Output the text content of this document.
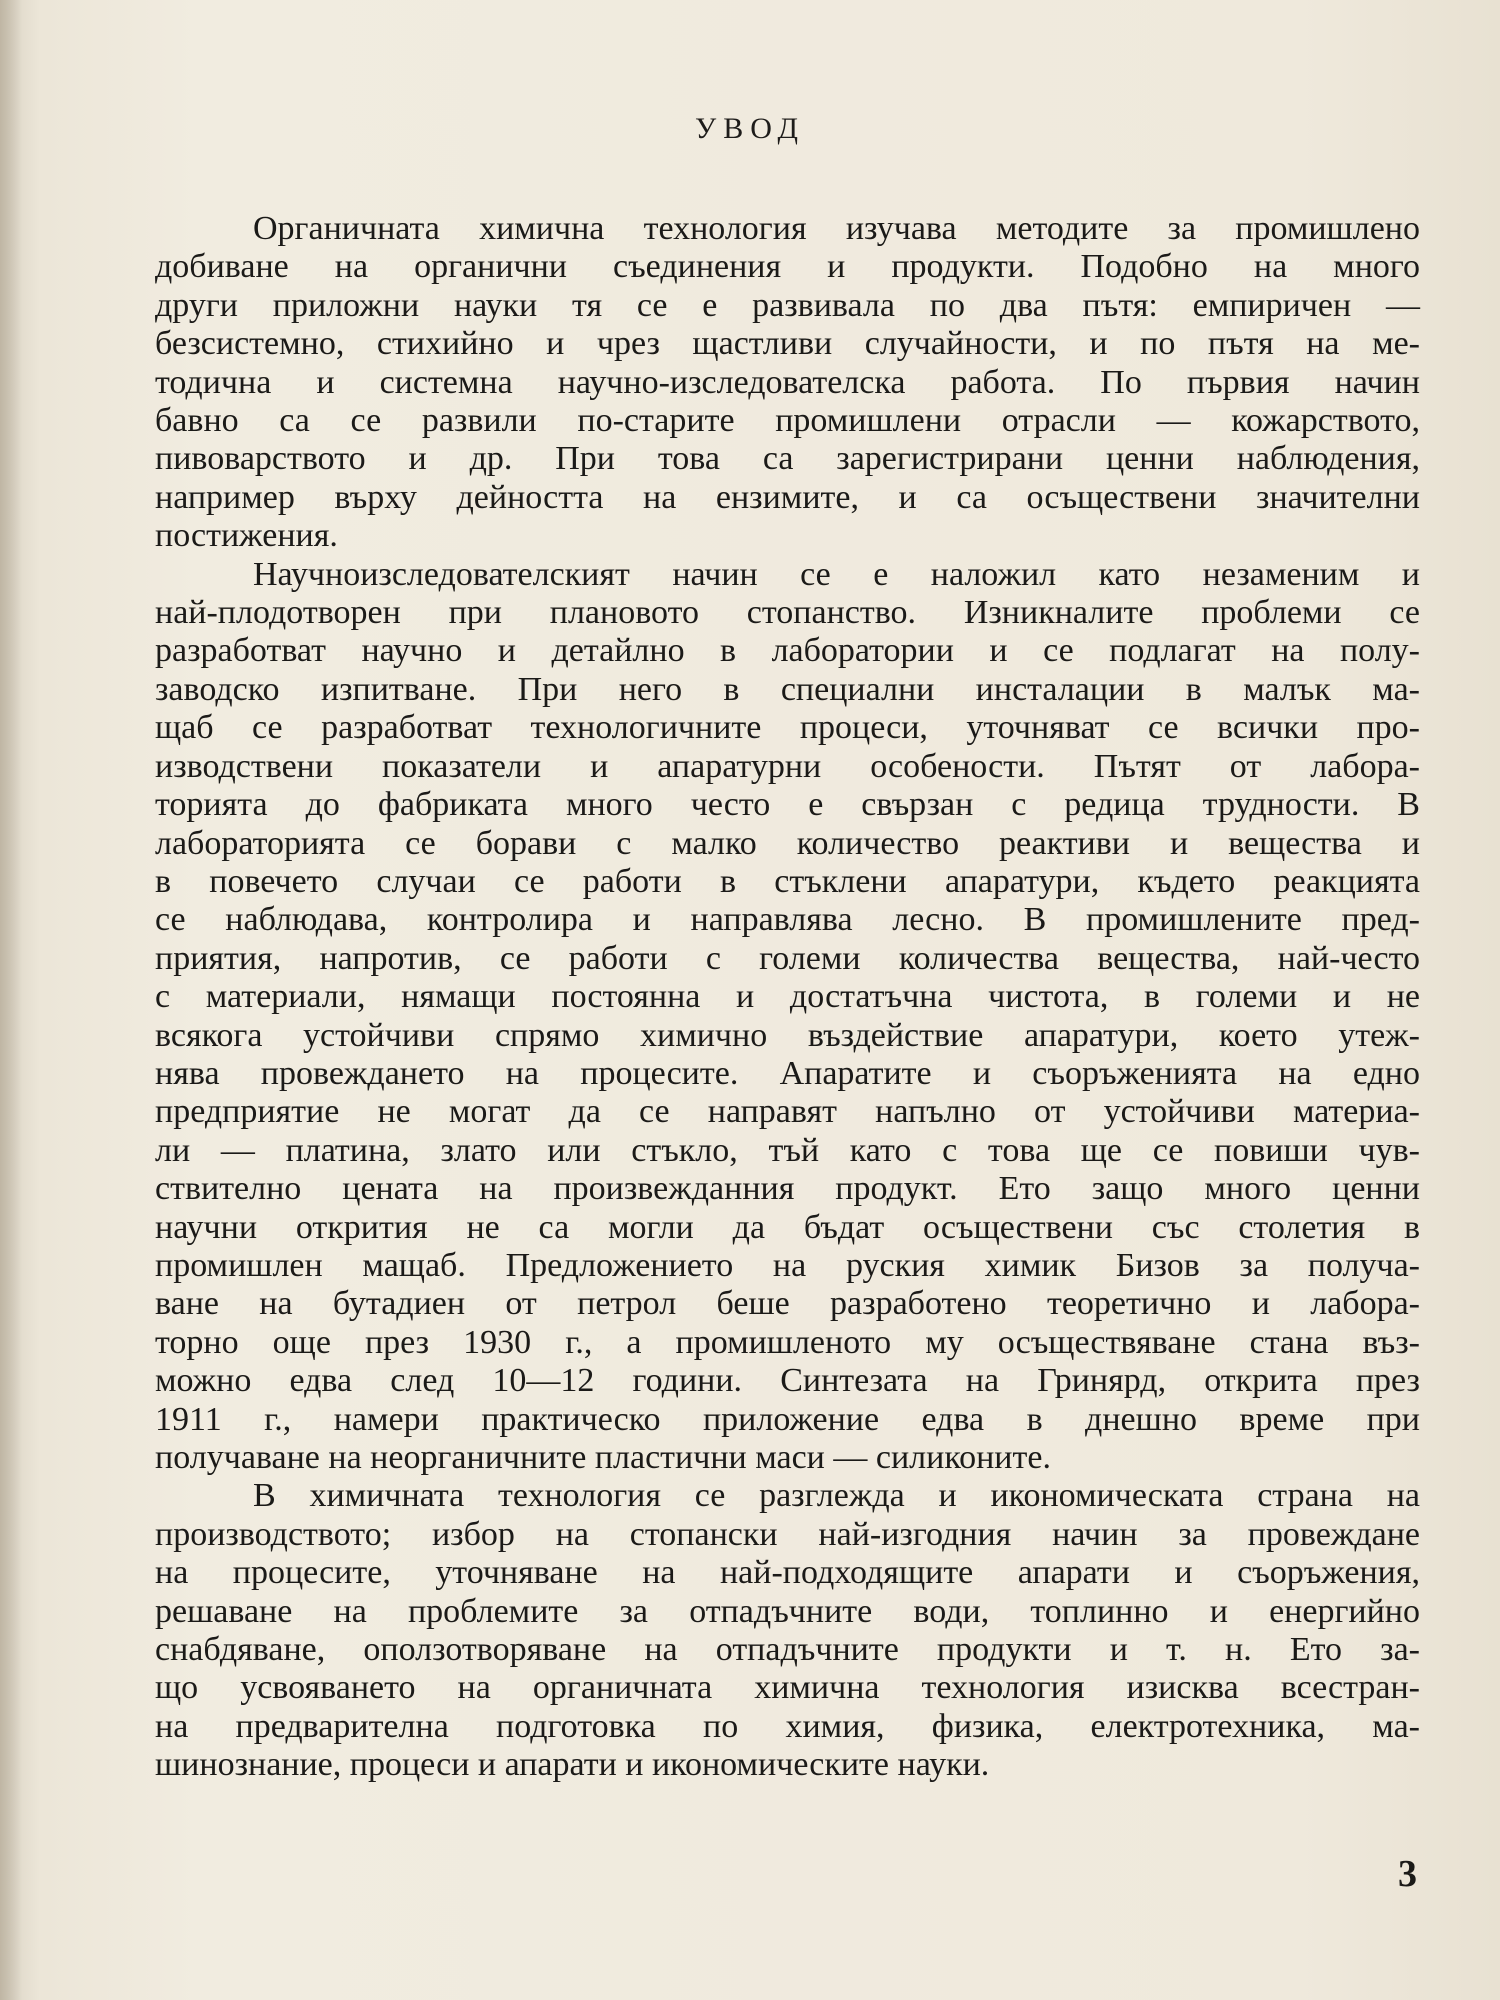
УВОД
Органичната химична технология изучава методите за промишлено
добиване на органични съединения и продукти. Подобно на много
други приложни науки тя се е развивала по два пътя: емпиричен —
безсистемно, стихийно и чрез щастливи случайности, и по пътя на ме-
тодична и системна научно-изследователска работа. По първия начин
бавно са се развили по-старите промишлени отрасли — кожарството,
пивоварството и др. При това са зарегистрирани ценни наблюдения,
например върху дейността на ензимите, и са осъществени значителни
постижения.
Научноизследователският начин се е наложил като незаменим и
най-плодотворен при плановото стопанство. Изникналите проблеми се
разработват научно и детайлно в лаборатории и се подлагат на полу-
заводско изпитване. При него в специални инсталации в малък ма-
щаб се разработват технологичните процеси, уточняват се всички про-
изводствени показатели и апаратурни особености. Пътят от лабора-
торията до фабриката много често е свързан с редица трудности. В
лабораторията се борави с малко количество реактиви и вещества и
в повечето случаи се работи в стъклени апаратури, където реакцията
се наблюдава, контролира и направлява лесно. В промишлените пред-
приятия, напротив, се работи с големи количества вещества, най-често
с материали, нямащи постоянна и достатъчна чистота, в големи и не
всякога устойчиви спрямо химично въздействие апаратури, което утеж-
нява провеждането на процесите. Апаратите и съоръженията на едно
предприятие не могат да се направят напълно от устойчиви материа-
ли — платина, злато или стъкло, тъй като с това ще се повиши чув-
ствително цената на произвежданния продукт. Ето защо много ценни
научни открития не са могли да бъдат осъществени със столетия в
промишлен мащаб. Предложението на руския химик Бизов за получа-
ване на бутадиен от петрол беше разработено теоретично и лабора-
торно още през 1930 г., а промишленото му осъществяване стана въз-
можно едва след 10—12 години. Синтезата на Гринярд, открита през
1911 г., намери практическо приложение едва в днешно време при
получаване на неорганичните пластични маси — силиконите.
В химичната технология се разглежда и икономическата страна на
производството; избор на стопански най-изгодния начин за провеждане
на процесите, уточняване на най-подходящите апарати и съоръжения,
решаване на проблемите за отпадъчните води, топлинно и енергийно
снабдяване, оползотворяване на отпадъчните продукти и т. н. Ето за-
що усвояването на органичната химична технология изисква всестран-
на предварителна подготовка по химия, физика, електротехника, ма-
шинознание, процеси и апарати и икономическите науки.
3
